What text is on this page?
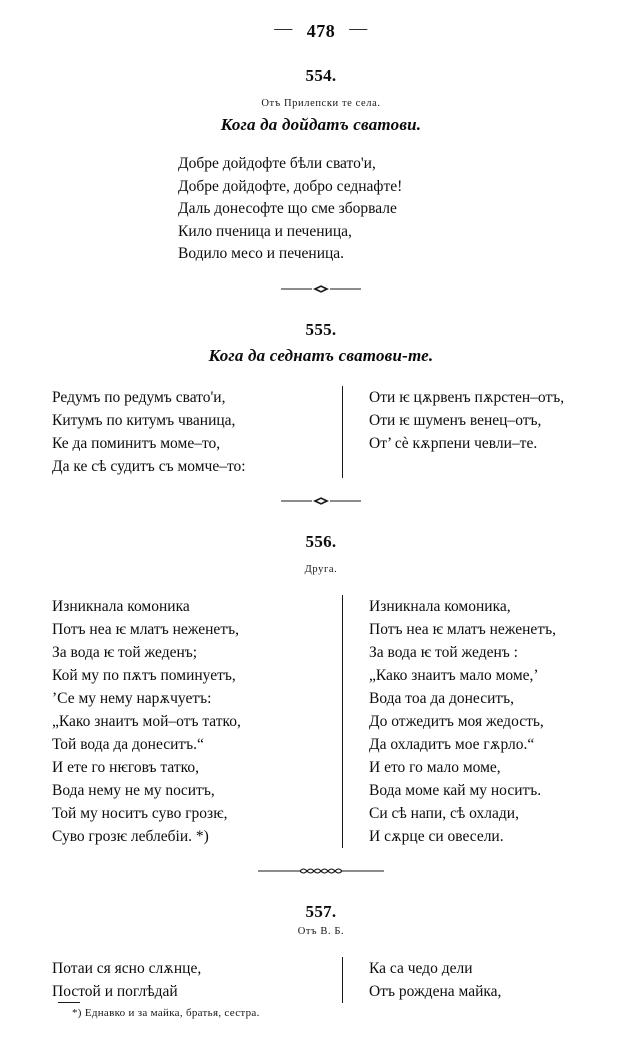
— 478 —
554.
Отъ Прилепски те села.
Кога да дойдатъ сватови.
Добре дойдофте бѣли свато'и,
Добре дойдофте, добро седнафте!
Даль донесофте що сме зборвале
Кило пченица и печеница,
Водило месо и печеница.
555.
Кога да седнатъ сватови-те.
Редумъ по редумъ свато'и,
Китумъ по китумъ чваница,
Ке да поминитъ моме–то,
Да ке сѣ судитъ съ момче–то:
Оти ѥ цѫрвенъ пѫрстен–отъ,
Оти ѥ шуменъ венец–отъ,
От’ сѐ кѫрпени чевли–те.
556.
Друга.
Изникнала комоника
Потъ неа ѥ млатъ неженетъ,
За вода ѥ той жеденъ;
Кой му по пѫтъ поминуетъ,
’Се му нему нарѫчуетъ:
„Како знаитъ мой–отъ татко,
Той вода да донеситъ.“
И ете го нѥговъ татко,
Вода нему не му noситъ,
Той му носитъ суво грозѥ,
Суво грозѥ леблебіи. *)
Изникнала комоника,
Потъ неа ѥ млатъ неженетъ,
За вода ѥ той жеденъ :
„Како знаитъ мало моме,’
Вода тоа да донеситъ,
До отжедитъ моя жедость,
Да охладитъ мое гѫрло.“
И ето го мало моме,
Вода моме кай му носитъ.
Си сѣ напи, сѣ охлади,
И сѫрце си овесели.
557.
Отъ В. Б.
Потаи ся ясно слѫнце,
Постой и поглѣдай
Ка са чедо дели
Отъ рождена майка,
*) Еднавко и за майка, братья, сестра.
